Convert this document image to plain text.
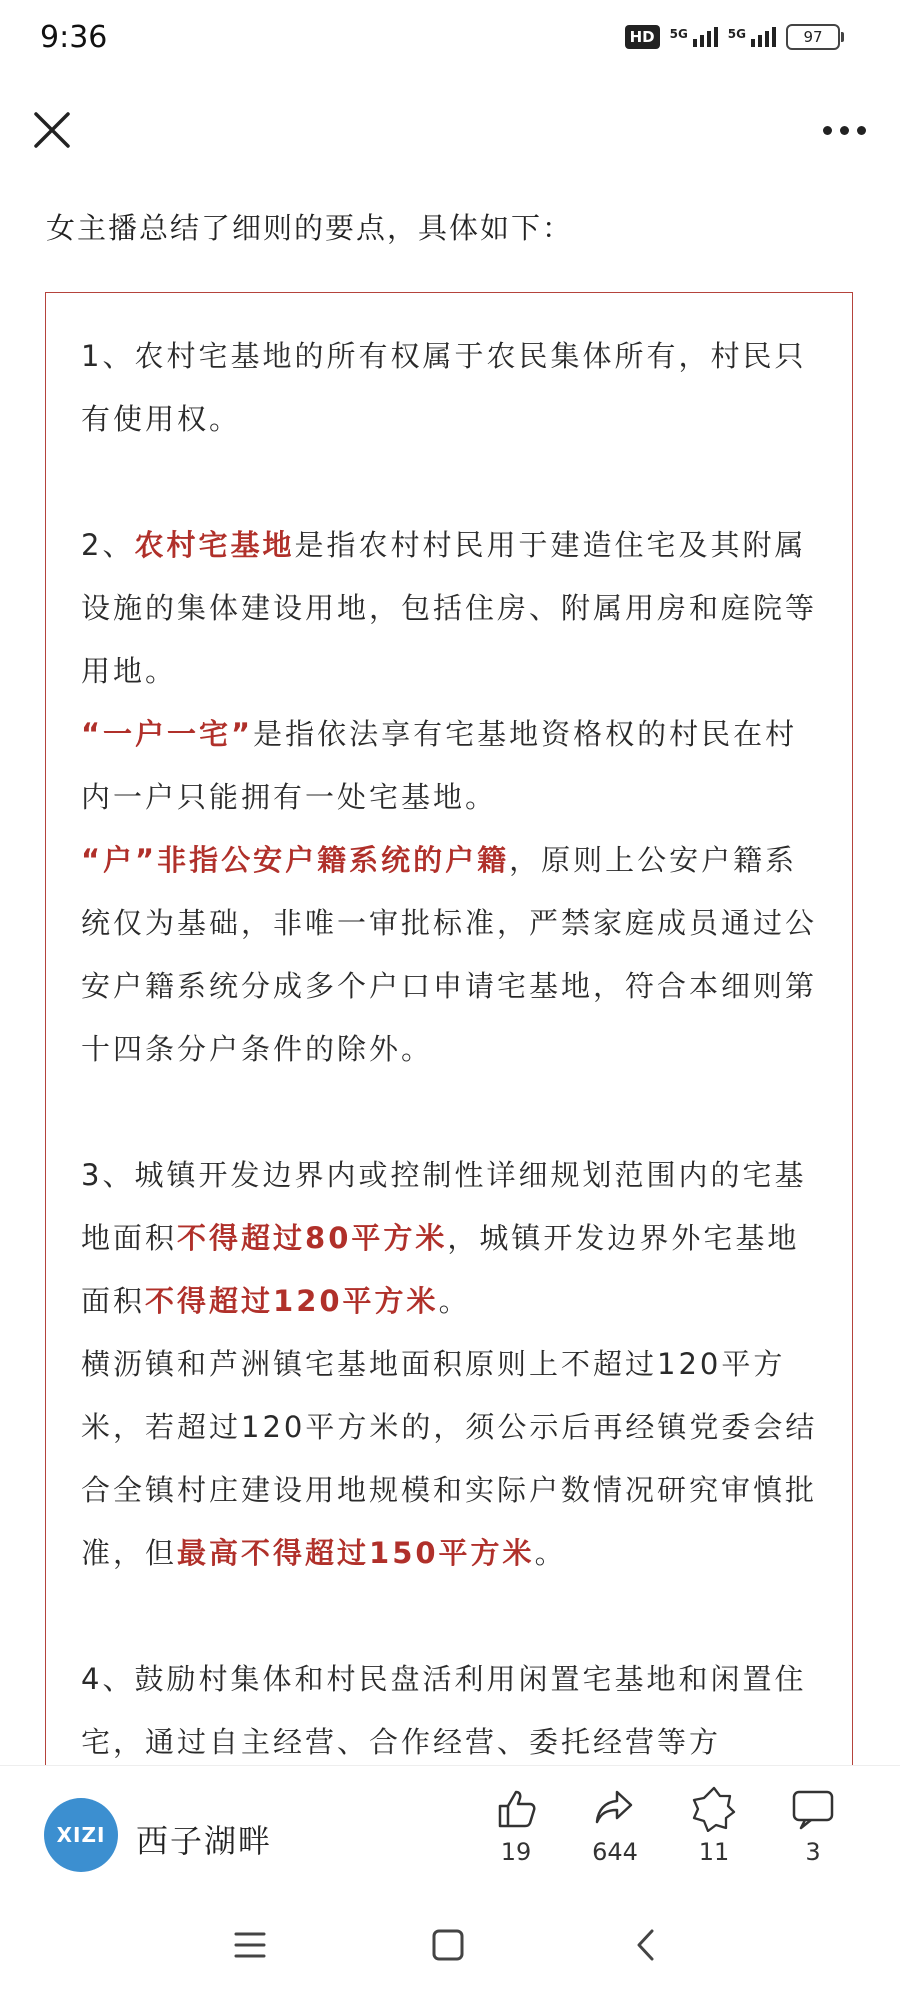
9:36	HD	5G	5G	97
女主播总结了细则的要点，具体如下：

1、农村宅基地的所有权属于农民集体所有，村民只有使用权。

2、农村宅基地是指农村村民用于建造住宅及其附属设施的集体建设用地，包括住房、附属用房和庭院等用地。

“一户一宅”是指依法享有宅基地资格权的村民在村内一户只能拥有一处宅基地。

“户”非指公安户籍系统的户籍，原则上公安户籍系统仅为基础，非唯一审批标准，严禁家庭成员通过公安户籍系统分成多个户口申请宅基地，符合本细则第十四条分户条件的除外。

3、城镇开发边界内或控制性详细规划范围内的宅基地面积不得超过80平方米，城镇开发边界外宅基地面积不得超过120平方米。

横沥镇和芦洲镇宅基地面积原则上不超过120平方米，若超过120平方米的，须公示后再经镇党委会结合全镇村庄建设用地规模和实际户数情况研究审慎批准，但最高不得超过150平方米。

4、鼓励村集体和村民盘活利用闲置宅基地和闲置住宅，通过自主经营、合作经营、委托经营等方

XIZI 西子湖畔	19	644	11	3
